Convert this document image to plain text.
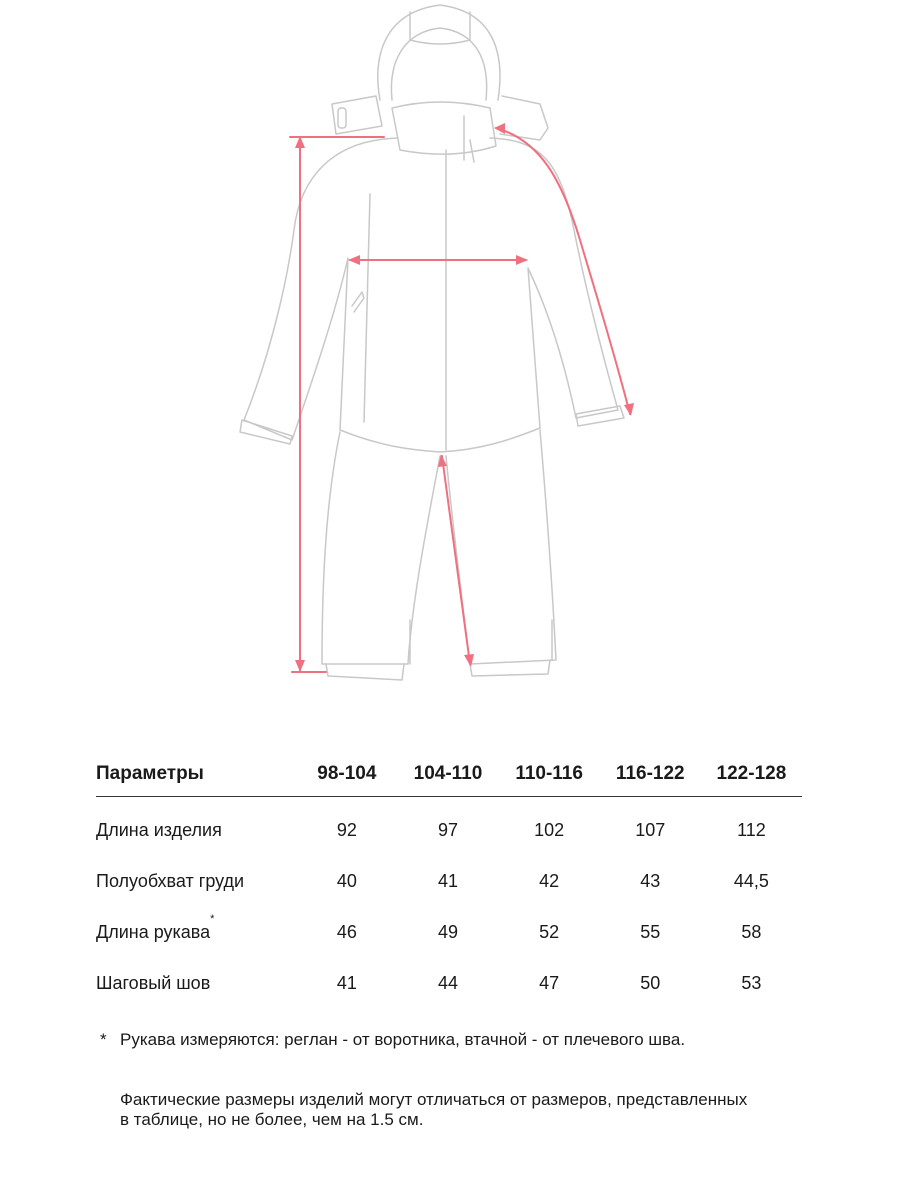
Параметры	98-104	104-110	110-116	116-122	122-128
Длина изделия	92	97	102	107	112
Полуобхват груди	40	41	42	43	44,5
Длина рукава*	46	49	52	55	58
Шаговый шов	41	44	47	50	53
* Рукава измеряются: реглан - от воротника, втачной - от плечевого шва.
Фактические размеры изделий могут отличаться от размеров, представленных
в таблице, но не более, чем на 1.5 см.
